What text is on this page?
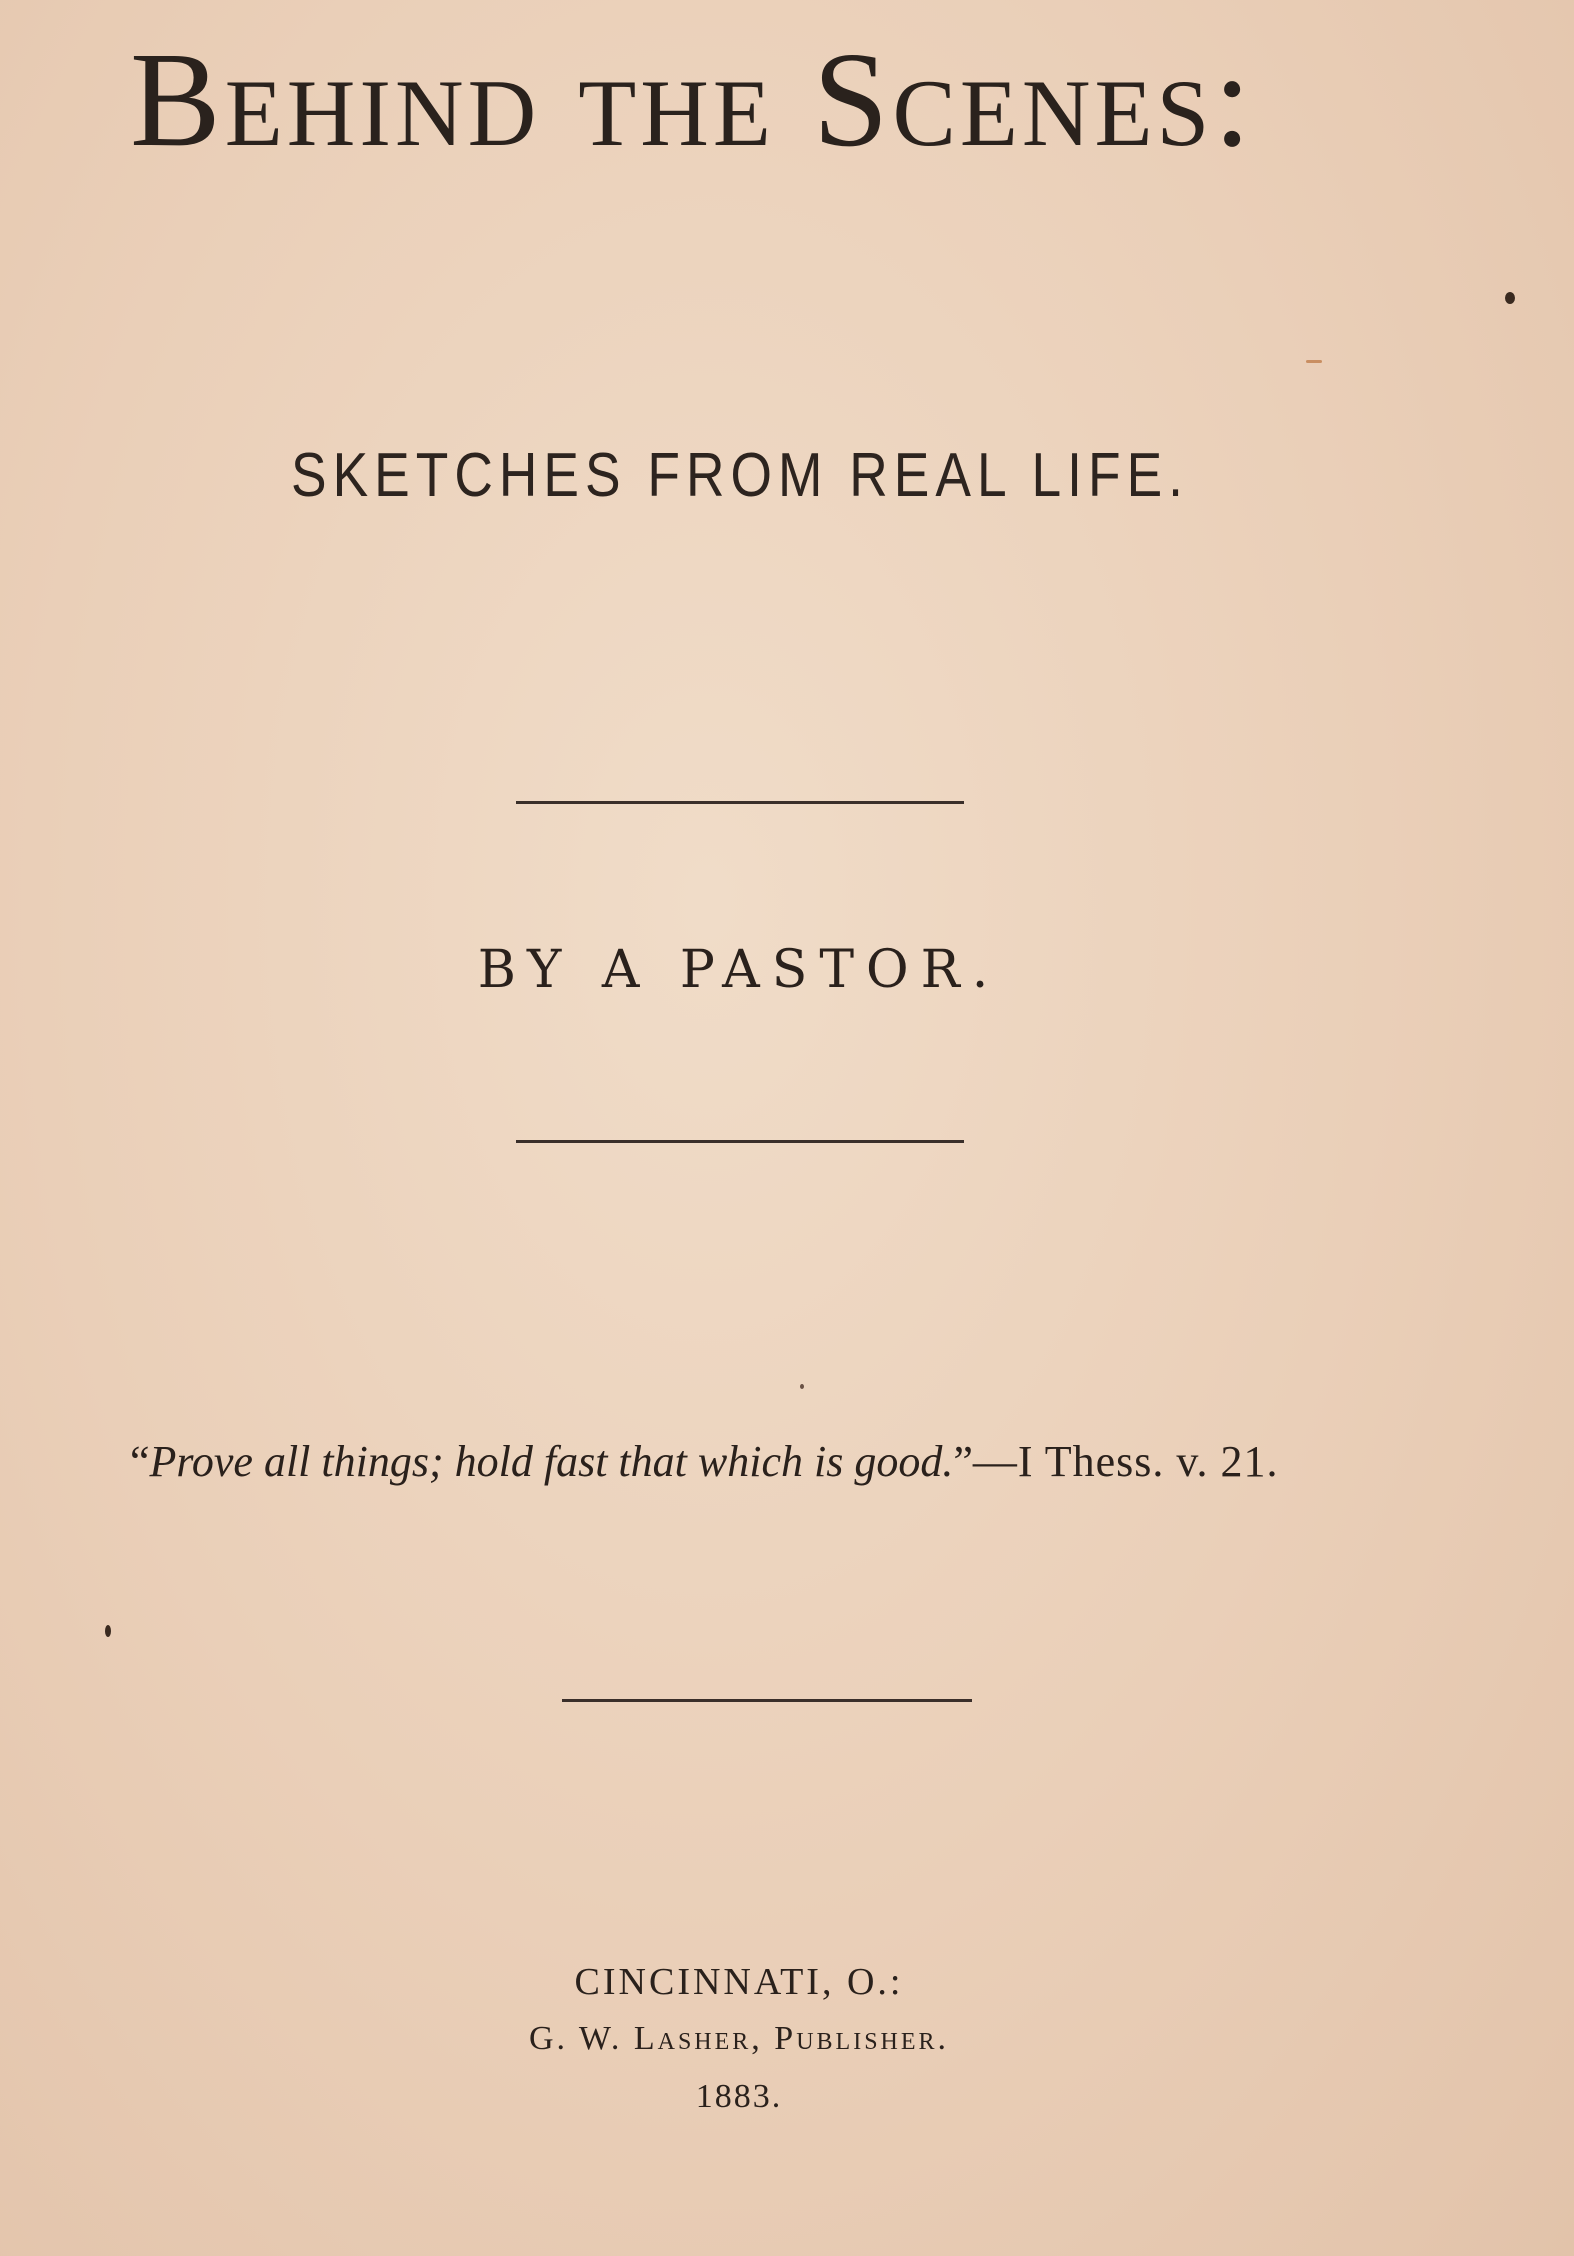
Behind the Scenes:
SKETCHES FROM REAL LIFE.
BY A PASTOR.
“Prove all things; hold fast that which is good.”—I Thess. v. 21.
CINCINNATI, O.:
G. W. Lasher, Publisher.
1883.
